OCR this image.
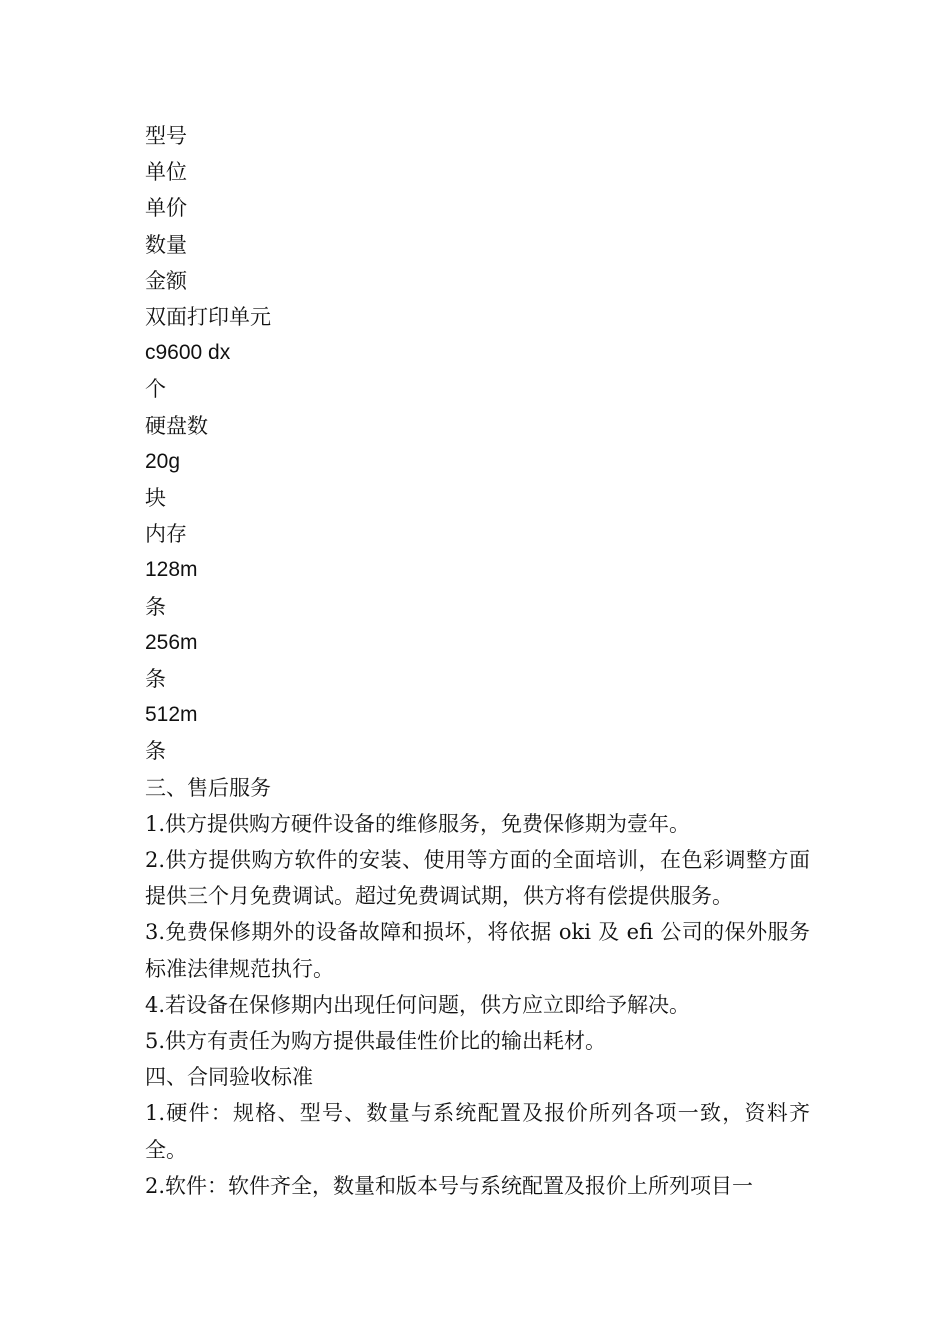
型号
单位
单价
数量
金额
双面打印单元
c9600 dx
个
硬盘数
20g
块
内存
128m
条
256m
条
512m
条
三、售后服务
1.供方提供购方硬件设备的维修服务，免费保修期为壹年。
2.供方提供购方软件的安装、使用等方面的全面培训，在色彩调整方面提供三个月免费调试。超过免费调试期，供方将有偿提供服务。
3.免费保修期外的设备故障和损坏，将依据 oki 及 efi 公司的保外服务标准法律规范执行。
4.若设备在保修期内出现任何问题，供方应立即给予解决。
5.供方有责任为购方提供最佳性价比的输出耗材。
四、合同验收标准
1.硬件：规格、型号、数量与系统配置及报价所列各项一致，资料齐全。
2.软件：软件齐全，数量和版本号与系统配置及报价上所列项目一
